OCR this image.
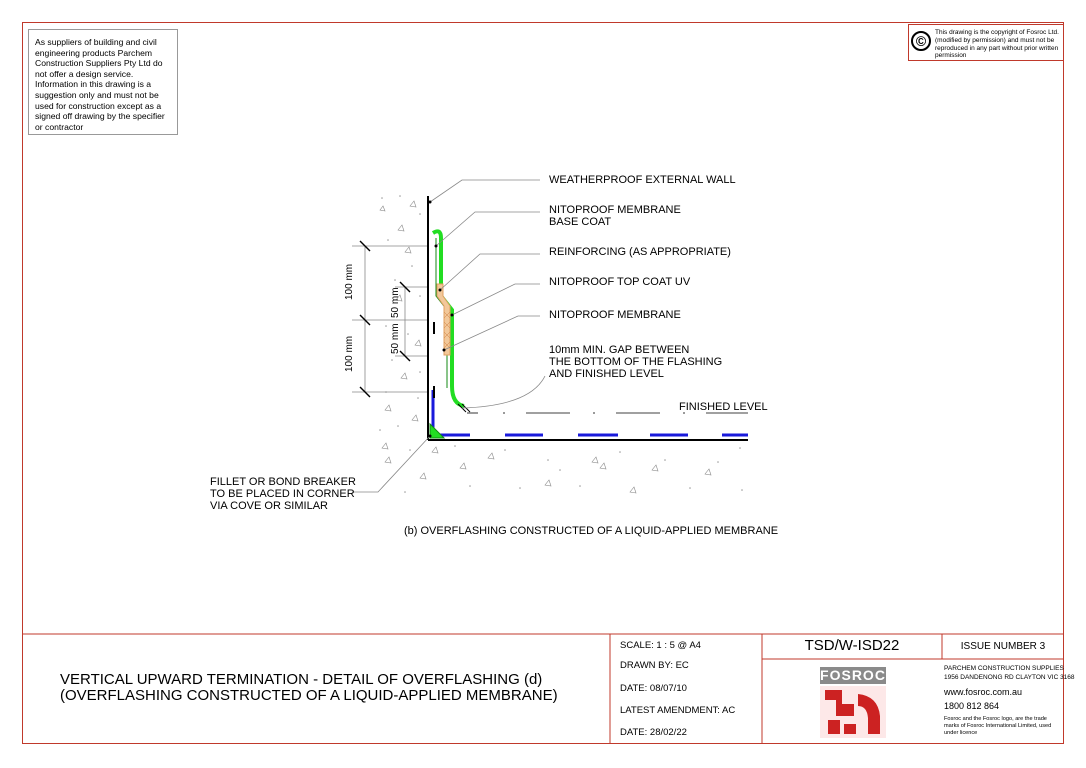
As suppliers of building and civil engineering products Parchem Construction Suppliers Pty Ltd do not offer a design service. Information in this drawing is a suggestion only and must not be used for construction except as a signed off drawing by the specifier or contractor
©
This drawing is the copyright of Fosroc Ltd. (modified by permission) and must not be reproduced in any part without prior written permission
WEATHERPROOF EXTERNAL WALL
NITOPROOF MEMBRANE
BASE COAT
REINFORCING (AS APPROPRIATE)
NITOPROOF TOP COAT UV
NITOPROOF MEMBRANE
10mm MIN. GAP BETWEEN
THE BOTTOM OF THE FLASHING
AND FINISHED LEVEL
FINISHED LEVEL
FILLET OR BOND BREAKER
TO BE PLACED IN CORNER
VIA COVE OR SIMILAR
100 mm
100 mm
50 mm
50 mm
(b) OVERFLASHING CONSTRUCTED OF A LIQUID-APPLIED MEMBRANE
VERTICAL UPWARD TERMINATION - DETAIL OF OVERFLASHING (d)
(OVERFLASHING CONSTRUCTED OF A LIQUID-APPLIED MEMBRANE)
SCALE: 1 : 5 @ A4
DRAWN BY: EC
DATE: 08/07/10
LATEST AMENDMENT: AC
DATE: 28/02/22
TSD/W-ISD22	ISSUE NUMBER 3
FOSROC	PARCHEM CONSTRUCTION SUPPLIES
1956 DANDENONG RD CLAYTON VIC 3168
www.fosroc.com.au
1800 812 864
Fosroc and the Fosroc logo, are the trade marks of Fosroc International Limited, used under licence
